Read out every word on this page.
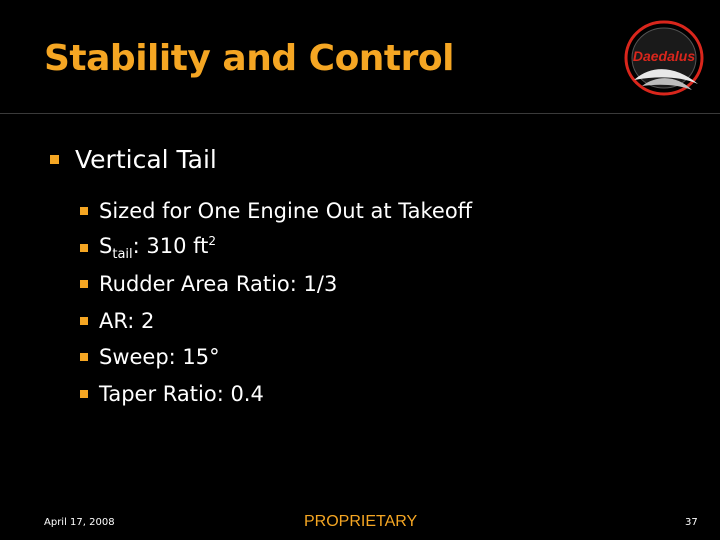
Stability and Control	Daedalus
Vertical Tail
Sized for One Engine Out at Takeoff
$S_{tail}$: 310 $ft^2$
Rudder Area Ratio: 1/3
AR: 2
Sweep: 15°
Taper Ratio: 0.4
April 17, 2008	PROPRIETARY	37
